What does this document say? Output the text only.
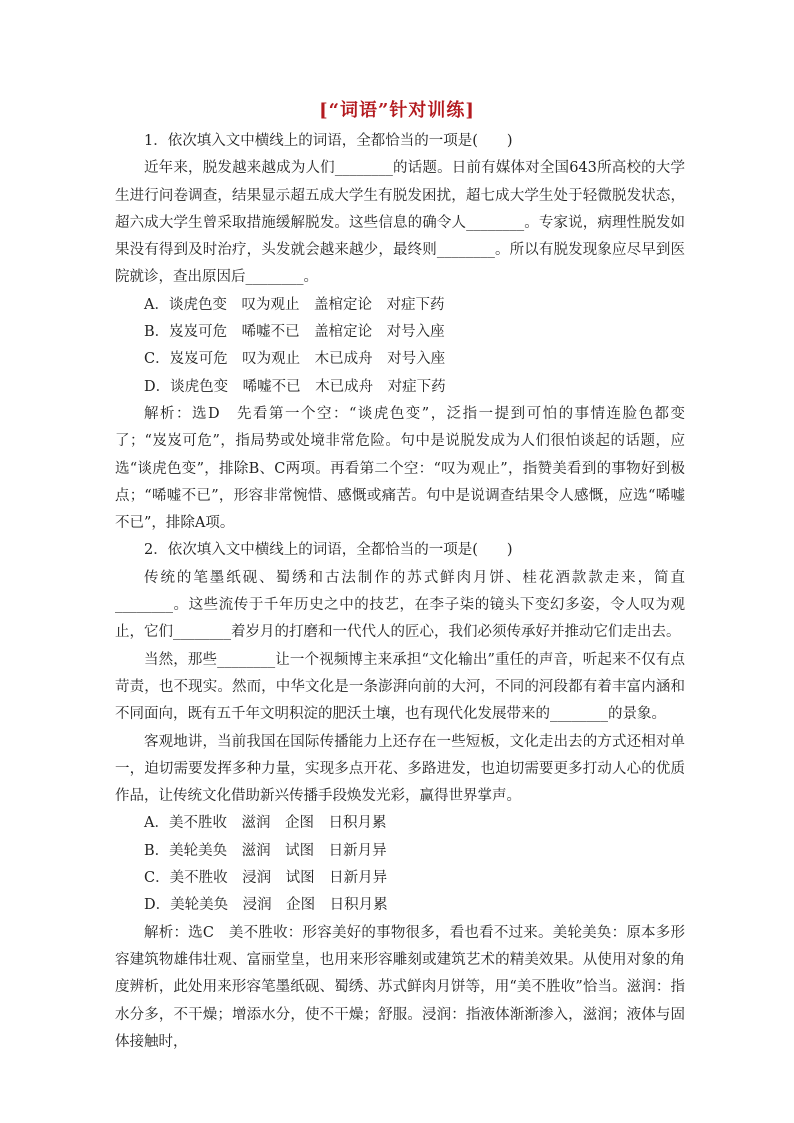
[“词语”针对训练]

1．依次填入文中横线上的词语，全都恰当的一项是(　　)

近年来，脱发越来越成为人们________的话题。日前有媒体对全国643所高校的大学生进行问卷调查，结果显示超五成大学生有脱发困扰，超七成大学生处于轻微脱发状态，超六成大学生曾采取措施缓解脱发。这些信息的确令人________。专家说，病理性脱发如果没有得到及时治疗，头发就会越来越少，最终则________。所以有脱发现象应尽早到医院就诊，查出原因后________。

A．谈虎色变　叹为观止　盖棺定论　对症下药

B．岌岌可危　唏嘘不已　盖棺定论　对号入座

C．岌岌可危　叹为观止　木已成舟　对号入座

D．谈虎色变　唏嘘不已　木已成舟　对症下药

解析：选D　先看第一个空：“谈虎色变”，泛指一提到可怕的事情连脸色都变了；“岌岌可危”，指局势或处境非常危险。句中是说脱发成为人们很怕谈起的话题，应选“谈虎色变”，排除B、C两项。再看第二个空：“叹为观止”，指赞美看到的事物好到极点；“唏嘘不已”，形容非常惋惜、感慨或痛苦。句中是说调查结果令人感慨，应选“唏嘘不已”，排除A项。

2．依次填入文中横线上的词语，全都恰当的一项是(　　)

传统的笔墨纸砚、蜀绣和古法制作的苏式鲜肉月饼、桂花酒款款走来，简直________。这些流传于千年历史之中的技艺，在李子柒的镜头下变幻多姿，令人叹为观止，它们________着岁月的打磨和一代代人的匠心，我们必须传承好并推动它们走出去。

当然，那些________让一个视频博主来承担“文化输出”重任的声音，听起来不仅有点苛责，也不现实。然而，中华文化是一条澎湃向前的大河，不同的河段都有着丰富内涵和不同面向，既有五千年文明积淀的肥沃土壤，也有现代化发展带来的________的景象。

客观地讲，当前我国在国际传播能力上还存在一些短板，文化走出去的方式还相对单一，迫切需要发挥多种力量，实现多点开花、多路进发，也迫切需要更多打动人心的优质作品，让传统文化借助新兴传播手段焕发光彩，赢得世界掌声。

A．美不胜收　滋润　企图　日积月累

B．美轮美奂　滋润　试图　日新月异

C．美不胜收　浸润　试图　日新月异

D．美轮美奂　浸润　企图　日积月累

解析：选C　美不胜收：形容美好的事物很多，看也看不过来。美轮美奂：原本多形容建筑物雄伟壮观、富丽堂皇，也用来形容雕刻或建筑艺术的精美效果。从使用对象的角度辨析，此处用来形容笔墨纸砚、蜀绣、苏式鲜肉月饼等，用“美不胜收”恰当。滋润：指水分多，不干燥；增添水分，使不干燥；舒服。浸润：指液体渐渐渗入，滋润；液体与固体接触时，
